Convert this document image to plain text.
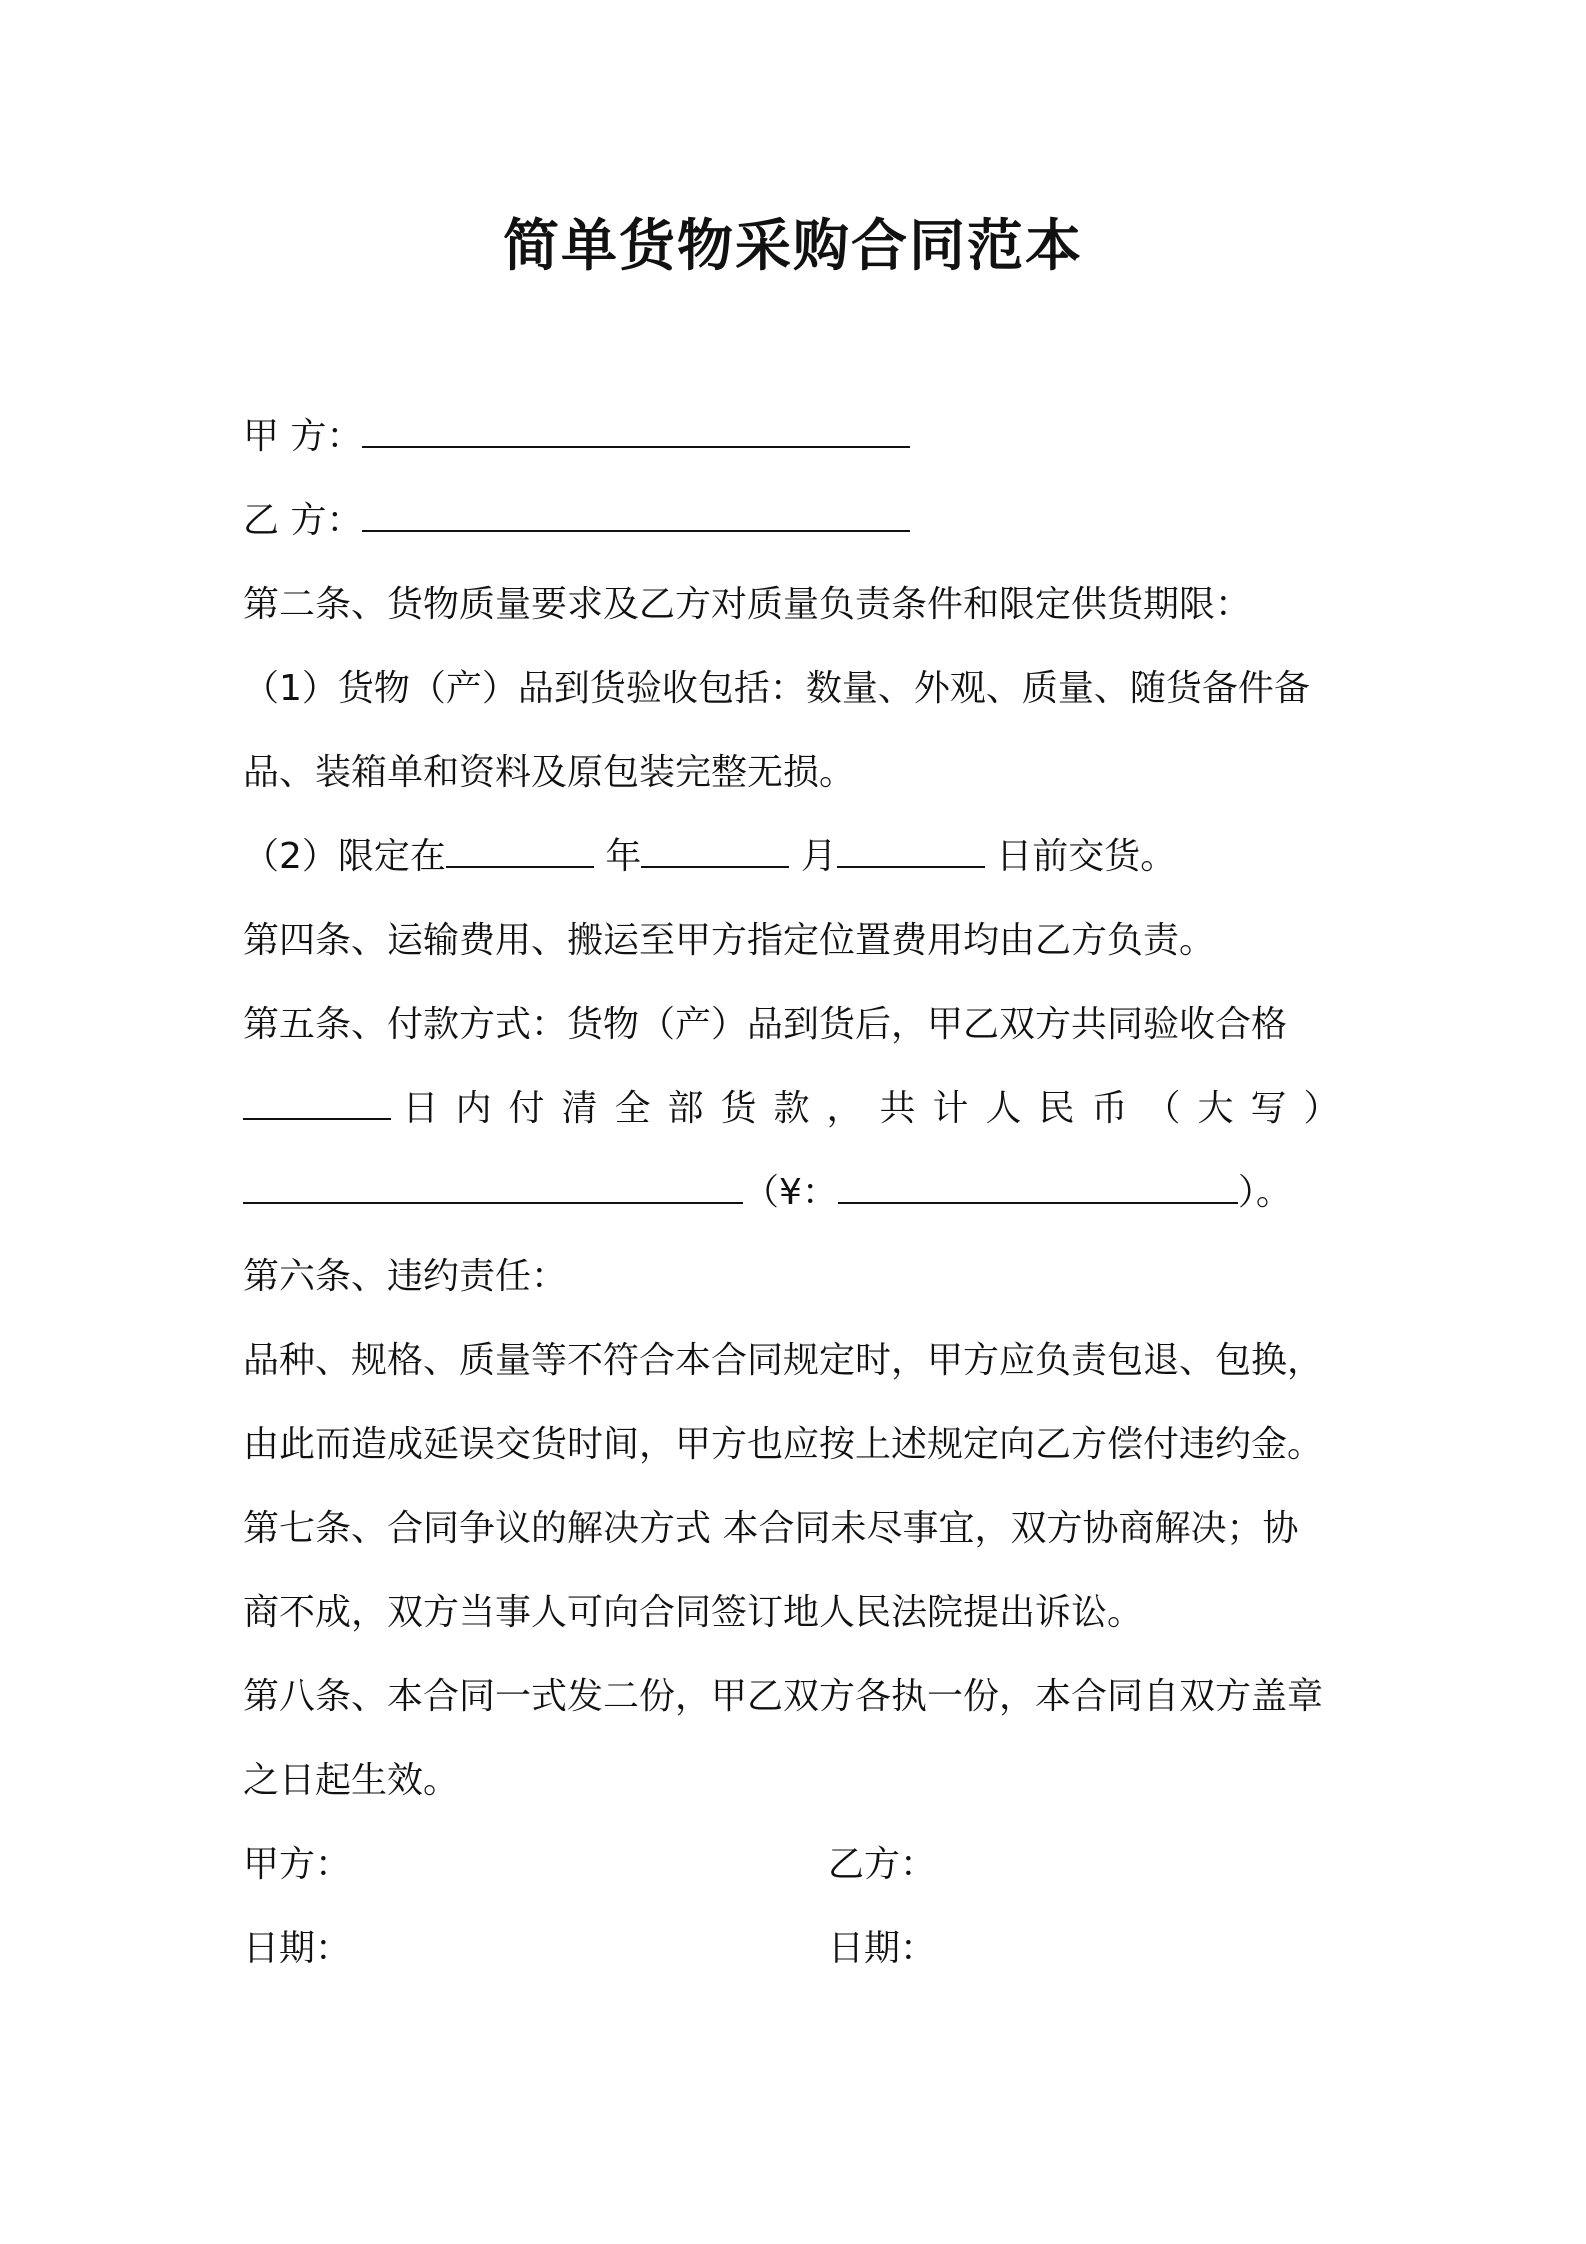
简单货物采购合同范本
甲 方：
乙 方：
第二条、货物质量要求及乙方对质量负责条件和限定供货期限：
（1）货物（产）品到货验收包括：数量、外观、质量、随货备件备
品、装箱单和资料及原包装完整无损。
（2）限定在	年	月	日前交货。
第四条、运输费用、搬运至甲方指定位置费用均由乙方负责。
第五条、付款方式：货物（产）品到货后，甲乙双方共同验收合格
日内付清全部货款，共计人民币（大写）
（¥：	）。
第六条、违约责任：
品种、规格、质量等不符合本合同规定时，甲方应负责包退、包换，
由此而造成延误交货时间，甲方也应按上述规定向乙方偿付违约金。
第七条、合同争议的解决方式 本合同未尽事宜，双方协商解决；协
商不成，双方当事人可向合同签订地人民法院提出诉讼。
第八条、本合同一式发二份，甲乙双方各执一份，本合同自双方盖章
之日起生效。
甲方：	乙方：
日期：	日期：
